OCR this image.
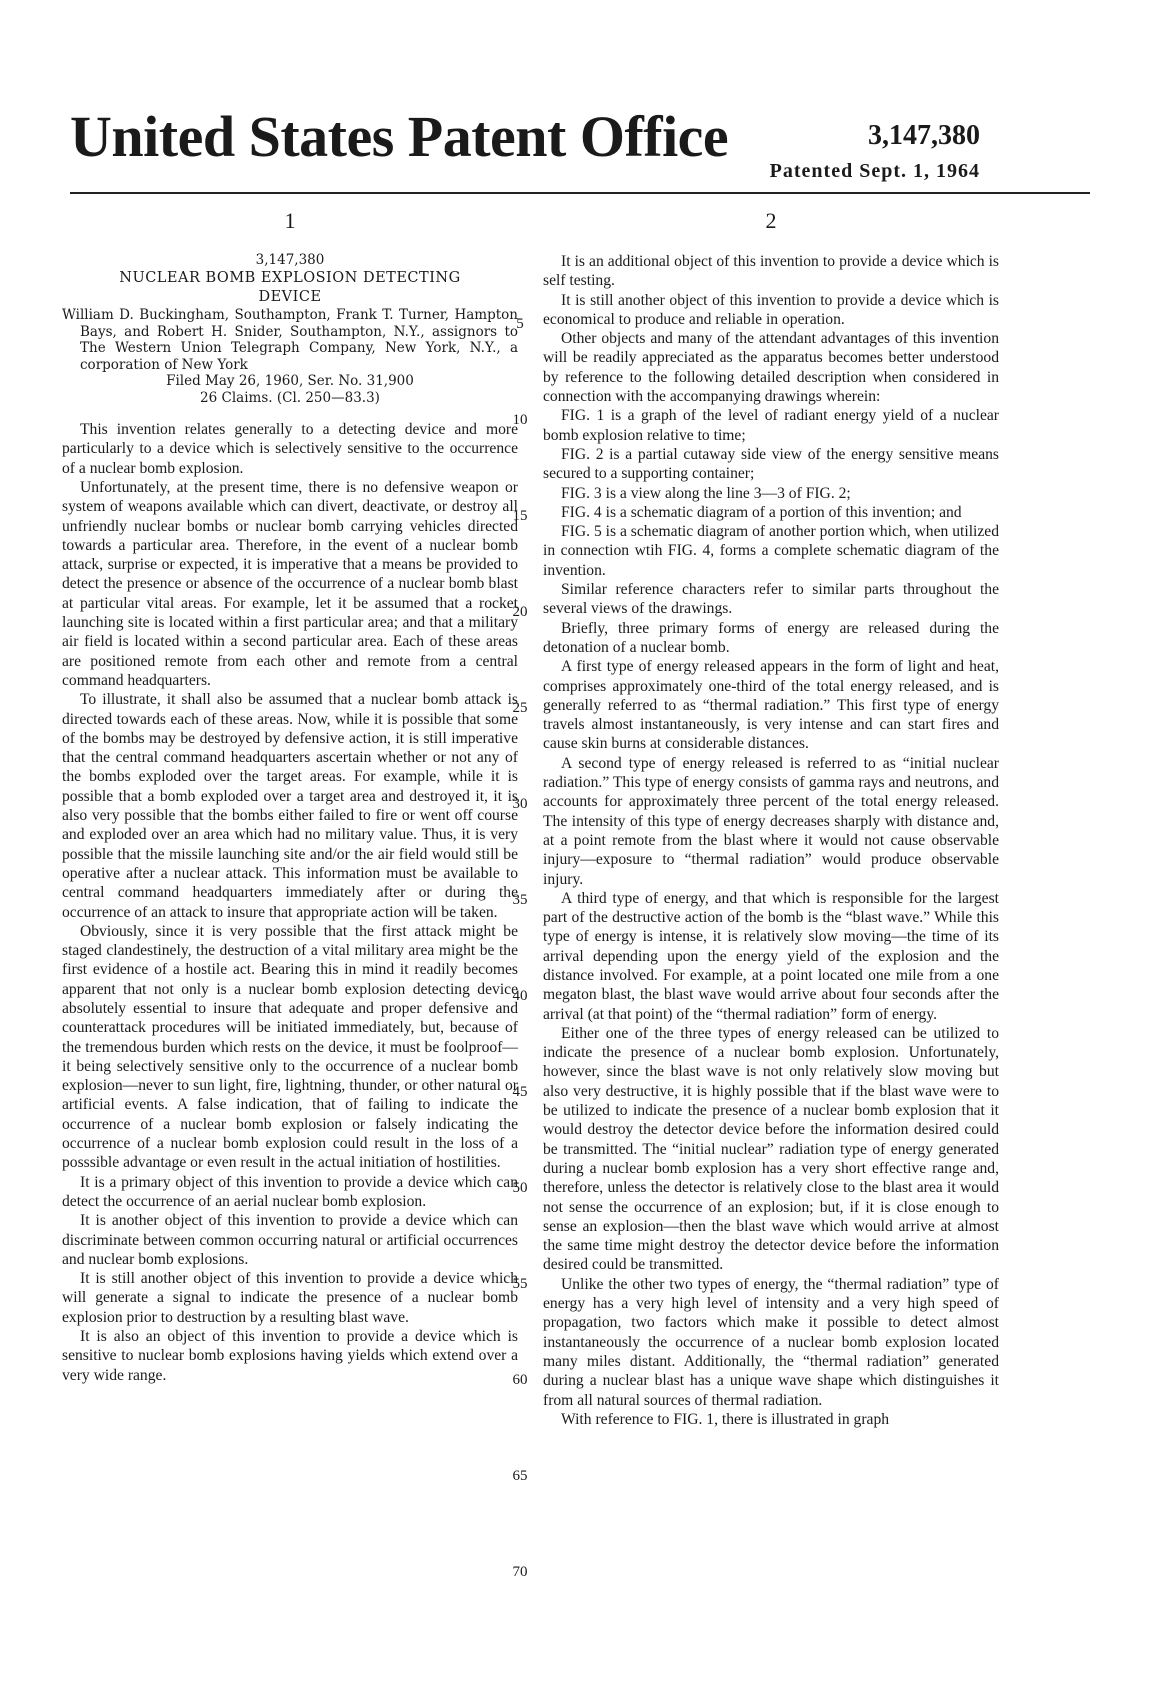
United States Patent Office	3,147,380
Patented Sept. 1, 1964
1

3,147,380

NUCLEAR BOMB EXPLOSION DETECTING

DEVICE

William D. Buckingham, Southampton, Frank T. Turner, Hampton Bays, and Robert H. Snider, Southampton, N.Y., assignors to The Western Union Telegraph Company, New York, N.Y., a corporation of New York

Filed May 26, 1960, Ser. No. 31,900

26 Claims. (Cl. 250—83.3)

This invention relates generally to a detecting device and more particularly to a device which is selectively sensitive to the occurrence of a nuclear bomb explosion.

Unfortunately, at the present time, there is no defensive weapon or system of weapons available which can divert, deactivate, or destroy all unfriendly nuclear bombs or nuclear bomb carrying vehicles directed towards a particular area. Therefore, in the event of a nuclear bomb attack, surprise or expected, it is imperative that a means be provided to detect the presence or absence of the occurrence of a nuclear bomb blast at particular vital areas. For example, let it be assumed that a rocket launching site is located within a first particular area; and that a military air field is located within a second particular area. Each of these areas are positioned remote from each other and remote from a central command headquarters.

To illustrate, it shall also be assumed that a nuclear bomb attack is directed towards each of these areas. Now, while it is possible that some of the bombs may be destroyed by defensive action, it is still imperative that the central command headquarters ascertain whether or not any of the bombs exploded over the target areas. For example, while it is possible that a bomb exploded over a target area and destroyed it, it is also very possible that the bombs either failed to fire or went off course and exploded over an area which had no military value. Thus, it is very possible that the missile launching site and/or the air field would still be operative after a nuclear attack. This information must be available to central command headquarters immediately after or during the occurrence of an attack to insure that appropriate action will be taken.

Obviously, since it is very possible that the first attack might be staged clandestinely, the destruction of a vital military area might be the first evidence of a hostile act. Bearing this in mind it readily becomes apparent that not only is a nuclear bomb explosion detecting device absolutely essential to insure that adequate and proper defensive and counterattack procedures will be initiated immediately, but, because of the tremendous burden which rests on the device, it must be foolproof—it being selectively sensitive only to the occurrence of a nuclear bomb explosion—never to sun light, fire, lightning, thunder, or other natural or artificial events. A false indication, that of failing to indicate the occurrence of a nuclear bomb explosion or falsely indicating the occurrence of a nuclear bomb explosion could result in the loss of a posssible advantage or even result in the actual initiation of hostilities.

It is a primary object of this invention to provide a device which can detect the occurrence of an aerial nuclear bomb explosion.

It is another object of this invention to provide a device which can discriminate between common occurring natural or artificial occurrences and nuclear bomb explosions.

It is still another object of this invention to provide a device which will generate a signal to indicate the presence of a nuclear bomb explosion prior to destruction by a resulting blast wave.

It is also an object of this invention to provide a device which is sensitive to nuclear bomb explosions having yields which extend over a very wide range.

5
10
15
20
25
30
35
40
45
50
55
60
65
70
2

It is an additional object of this invention to provide a device which is self testing.

It is still another object of this invention to provide a device which is economical to produce and reliable in operation.

Other objects and many of the attendant advantages of this invention will be readily appreciated as the apparatus becomes better understood by reference to the following detailed description when considered in connection with the accompanying drawings wherein:

FIG. 1 is a graph of the level of radiant energy yield of a nuclear bomb explosion relative to time;

FIG. 2 is a partial cutaway side view of the energy sensitive means secured to a supporting container;

FIG. 3 is a view along the line 3—3 of FIG. 2;

FIG. 4 is a schematic diagram of a portion of this invention; and

FIG. 5 is a schematic diagram of another portion which, when utilized in connection wtih FIG. 4, forms a complete schematic diagram of the invention.

Similar reference characters refer to similar parts throughout the several views of the drawings.

Briefly, three primary forms of energy are released during the detonation of a nuclear bomb.

A first type of energy released appears in the form of light and heat, comprises approximately one-third of the total energy released, and is generally referred to as “thermal radiation.” This first type of energy travels almost instantaneously, is very intense and can start fires and cause skin burns at considerable distances.

A second type of energy released is referred to as “initial nuclear radiation.” This type of energy consists of gamma rays and neutrons, and accounts for approximately three percent of the total energy released. The intensity of this type of energy decreases sharply with distance and, at a point remote from the blast where it would not cause observable injury—exposure to “thermal radiation” would produce observable injury.

A third type of energy, and that which is responsible for the largest part of the destructive action of the bomb is the “blast wave.” While this type of energy is intense, it is relatively slow moving—the time of its arrival depending upon the energy yield of the explosion and the distance involved. For example, at a point located one mile from a one megaton blast, the blast wave would arrive about four seconds after the arrival (at that point) of the “thermal radiation” form of energy.

Either one of the three types of energy released can be utilized to indicate the presence of a nuclear bomb explosion. Unfortunately, however, since the blast wave is not only relatively slow moving but also very destructive, it is highly possible that if the blast wave were to be utilized to indicate the presence of a nuclear bomb explosion that it would destroy the detector device before the information desired could be transmitted. The “initial nuclear” radiation type of energy generated during a nuclear bomb explosion has a very short effective range and, therefore, unless the detector is relatively close to the blast area it would not sense the occurrence of an explosion; but, if it is close enough to sense an explosion—then the blast wave which would arrive at almost the same time might destroy the detector device before the information desired could be transmitted.

Unlike the other two types of energy, the “thermal radiation” type of energy has a very high level of intensity and a very high speed of propagation, two factors which make it possible to detect almost instantaneously the occurrence of a nuclear bomb explosion located many miles distant. Additionally, the “thermal radiation” generated during a nuclear blast has a unique wave shape which distinguishes it from all natural sources of thermal radiation.

With reference to FIG. 1, there is illustrated in graph
